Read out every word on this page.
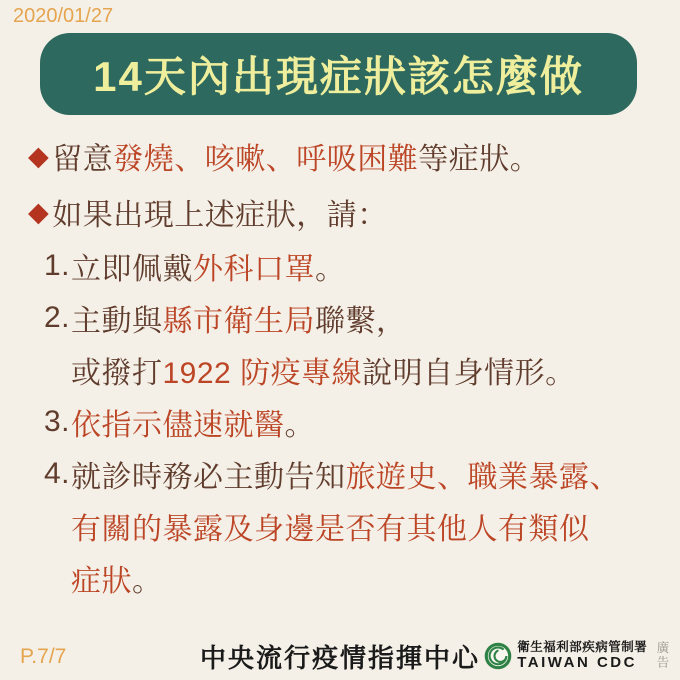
2020/01/27
14天內出現症狀該怎麼做
◆ 留意 發燒、咳嗽、呼吸困難 等症狀。
◆ 如果出現上述症狀，請：
1. 立即佩戴 外科口罩 。
2. 主動與 縣市衛生局 聯繫，
或撥打 1922 防疫專線 說明自身情形。
3. 依指示儘速就醫 。
4. 就診時務必主動告知 旅遊史、職業暴露、
有關的暴露及身邊是否有其他人有類似
症狀 。
P.7/7	中央流行疫情指揮中心	衛生福利部疾病管制署
TAIWAN CDC	廣告
